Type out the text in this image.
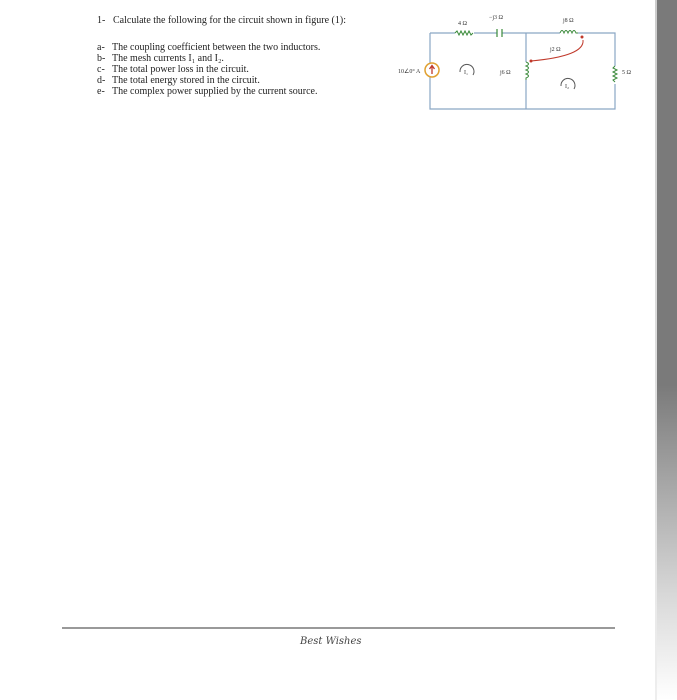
1- Calculate the following for the circuit shown in figure (1):
a- The coupling coefficient between the two inductors.
b- The mesh currents I₁ and I₂.
c- The total power loss in the circuit.
d- The total energy stored in the circuit.
e- The complex power supplied by the current source.
10∠0° A
4 Ω
−j3 Ω	j8 Ω
j2 Ω
j6 Ω	5 Ω
I₁
I₂
Best Wishes
